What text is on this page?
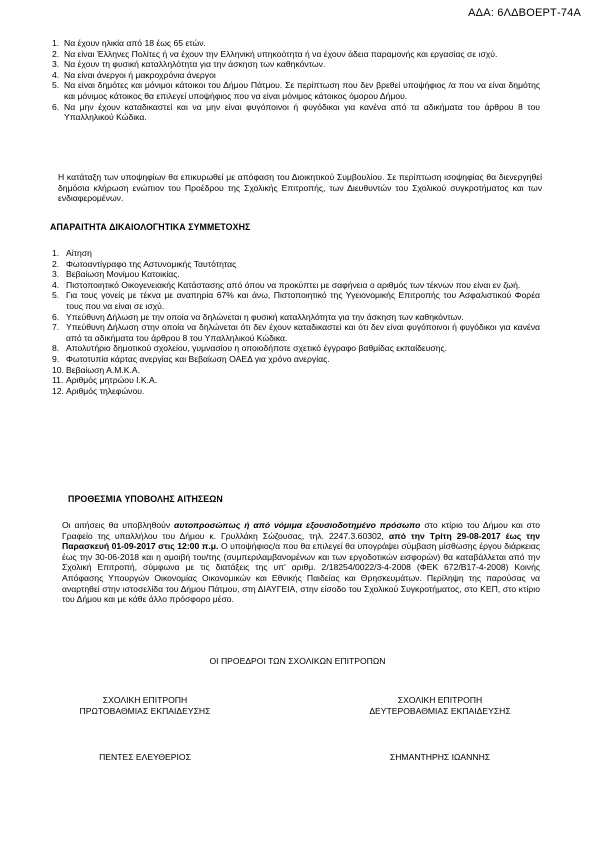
ΑΔΑ: 6ΛΔΒΟΕΡΤ-74Α
1. Να έχουν ηλικία από 18 έως 65 ετών.
2. Να είναι Έλληνες Πολίτες ή να έχουν την Ελληνική υπηκοότητα ή να έχουν άδεια παραμονής και εργασίας σε ισχύ.
3. Να έχουν τη φυσική καταλληλότητα για την άσκηση των καθηκόντων.
4. Να είναι άνεργοι ή μακροχρόνια άνεργοι
5. Να είναι δημότες και μόνιμοι κάτοικοι του Δήμου Πάτμου. Σε περίπτωση που δεν βρεθεί υποψήφιος /α που να είναι δημότης και μόνιμος κάτοικος θα επιλεγεί υποψήφιος που να είναι μόνιμος κάτοικος όμορου Δήμου.
6. Να μην έχουν καταδικαστεί και να μην είναι φυγόποινοι ή φυγόδικοι για κανένα από τα αδικήματα του άρθρου 8 του Υπαλληλικού Κώδικα.
Η κατάταξη των υποψηφίων θα επικυρωθεί με απόφαση του Διοικητικού Συμβουλίου. Σε περίπτωση ισοψηφίας θα διενεργηθεί δημόσια κλήρωση ενώπιον του Προέδρου της Σχολικής Επιτροπής, των Διευθυντών του Σχολικού συγκροτήματος και των ενδιαφερομένων.
ΑΠΑΡΑΙΤΗΤΑ ΔΙΚΑΙΟΛΟΓΗΤΙΚΑ ΣΥΜΜΕΤΟΧΗΣ
1. Αίτηση
2. Φωτοαντίγραφο της Αστυνομικής Ταυτότητας
3. Βεβαίωση Μονίμου Κατοικίας.
4. Πιστοποιητικό Οικογενειακής Κατάστασης από όπου να προκύπτει με σαφήνεια ο αριθμός των τέκνων που είναι εν ζωή.
5. Για τους γονείς με τέκνα με αναπηρία 67% και άνω, Πιστοποιητικό της Υγειονομικής Επιτροπής του Ασφαλιστικού Φορέα τους που να είναι σε ισχύ.
6. Υπεύθυνη Δήλωση με την οποία να δηλώνεται η φυσική καταλληλότητα για την άσκηση των καθηκόντων.
7. Υπεύθυνη Δήλωση στην οποία να δηλώνεται ότι δεν έχουν καταδικαστεί και ότι δεν είναι φυγόποινοι ή φυγόδικοι για κανένα από τα αδικήματα του άρθρου 8 του Υπαλληλικού Κώδικα.
8. Απολυτήριο δημοτικού σχολείου, γυμνασίου η οποιοδήποτε σχετικό έγγραφο βαθμίδας εκπαίδευσης.
9. Φωτοτυπία κάρτας ανεργίας και Βεβαίωση ΟΑΕΔ για χρόνο ανεργίας.
10. Βεβαίωση Α.Μ.Κ.Α.
11. Αριθμός μητρώου Ι.Κ.Α.
12. Αριθμός τηλεφώνου.
ΠΡΟΘΕΣΜΙΑ ΥΠΟΒΟΛΗΣ ΑΙΤΗΣΕΩΝ
Οι αιτήσεις θα υποβληθούν αυτοπροσώπως ή από νόμιμα εξουσιοδοτημένο πρόσωπο στο κτίριο του Δήμου και στο Γραφείο της υπαλλήλου του Δήμου κ. Γρυλλάκη Σώζουσας, τηλ. 2247.3.60302, από την Τρίτη 29-08-2017 έως την Παρασκευή 01-09-2017 στις 12:00 π.μ. Ο υποψήφιος/α που θα επιλεγεί θα υπογράψει σύμβαση μίσθωσης έργου διάρκειας έως την 30-06-2018 και η αμοιβή του/της (συμπεριλαμβανομένων και των εργοδοτικών εισφορών) θα καταβάλλεται από την Σχολική Επιτροπή, σύμφωνα με τις διατάξεις της υπ' αριθμ. 2/18254/0022/3-4-2008 (ΦΕΚ 672/Β17-4-2008) Κοινής Απόφασης Υπουργών Οικονομίας Οικονομικών και Εθνικής Παιδείας και Θρησκευμάτων. Περίληψη της παρούσας να αναρτηθεί στην ιστοσελίδα του Δήμου Πάτμου, στη ΔΙΑΥΓΕΙΑ, στην είσοδο του Σχολικού Συγκροτήματος, στο ΚΕΠ, στο κτίριο του Δήμου και με κάθε άλλο πρόσφορο μέσο.
ΟΙ ΠΡΟΕΔΡΟΙ ΤΩΝ ΣΧΟΛΙΚΩΝ ΕΠΙΤΡΟΠΩΝ
ΣΧΟΛΙΚΗ ΕΠΙΤΡΟΠΗ
ΠΡΩΤΟΒΑΘΜΙΑΣ ΕΚΠΑΙΔΕΥΣΗΣ
ΣΧΟΛΙΚΗ ΕΠΙΤΡΟΠΗ
ΔΕΥΤΕΡΟΒΑΘΜΙΑΣ ΕΚΠΑΙΔΕΥΣΗΣ
ΠΕΝΤΕΣ ΕΛΕΥΘΕΡΙΟΣ	ΣΗΜΑΝΤΗΡΗΣ ΙΩΑΝΝΗΣ
